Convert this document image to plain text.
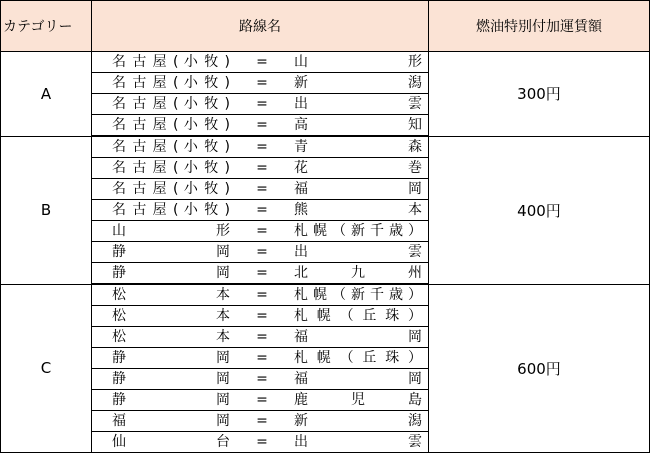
カテゴリー	路線名	燃油特別付加運賃額
A	名 古 屋 ( 小 牧 ) = 山 形	300円

	名 古 屋 ( 小 牧 ) = 新 潟	

	名 古 屋 ( 小 牧 ) = 出 雲	

	名 古 屋 ( 小 牧 ) = 高 知	

B	名 古 屋 ( 小 牧 ) = 青 森	400円

	名 古 屋 ( 小 牧 ) = 花 巻	

	名 古 屋 ( 小 牧 ) = 福 岡	

	名 古 屋 ( 小 牧 ) = 熊 本	

	山 形 = 札 幌 （ 新 千 歳 ）	

	静 岡 = 出 雲	

	静 岡 = 北 九 州	

C	松 本 = 札 幌 （ 新 千 歳 ）	600円

	松 本 = 札 幌 （ 丘 珠 ）	

	松 本 = 福 岡	

	静 岡 = 札 幌 （ 丘 珠 ）	

	静 岡 = 福 岡	

	静 岡 = 鹿 児 島	

	福 岡 = 新 潟	

	仙 台 = 出 雲	
